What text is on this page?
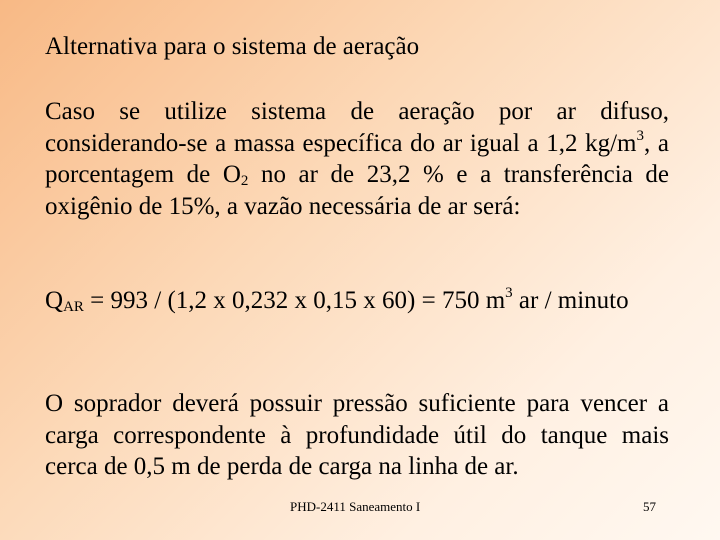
Alternativa para o sistema de aeração

Caso se utilize sistema de aeração por ar difuso, considerando-se a massa específica do ar igual a 1,2 $kg/m^3$, a porcentagem de $O_2$ no ar de 23,2 % e a transferência de oxigênio de 15%, a vazão necessária de ar será:

$Q_{AR} = 993 / (1,2$ x 0,232 x 0,15 x 60) = 750 $m^3$ ar / minuto

O soprador deverá possuir pressão suficiente para vencer a carga correspondente à profundidade útil do tanque mais cerca de 0,5 m de perda de carga na linha de ar.

PHD-2411 Saneamento I	57
